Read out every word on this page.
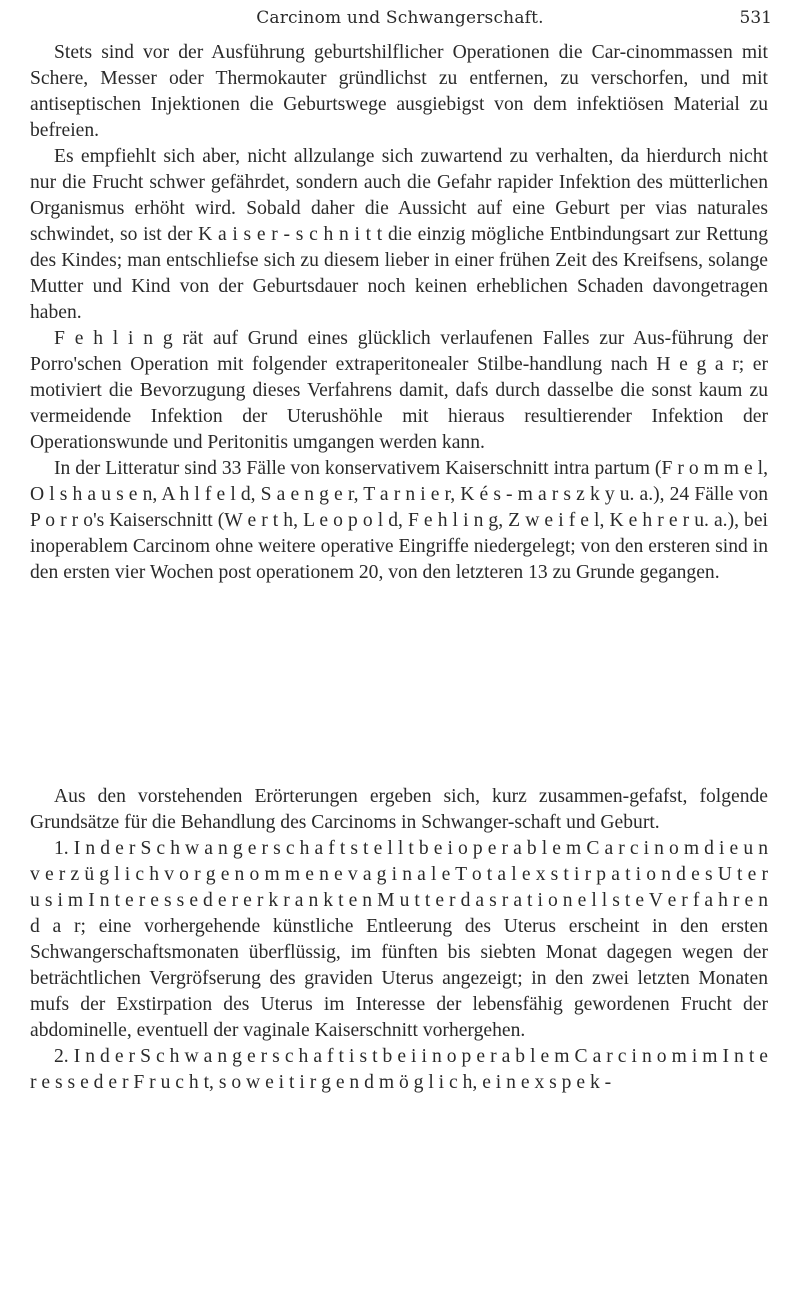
Carcinom und Schwangerschaft.	531

Stets sind vor der Ausführung geburtshilflicher Operationen die Car-cinommassen mit Schere, Messer oder Thermokauter gründlichst zu entfernen, zu verschorfen, und mit antiseptischen Injektionen die Geburtswege ausgiebigst von dem infektiösen Material zu befreien.

Es empfiehlt sich aber, nicht allzulange sich zuwartend zu verhalten, da hierdurch nicht nur die Frucht schwer gefährdet, sondern auch die Gefahr rapider Infektion des mütterlichen Organismus erhöht wird. Sobald daher die Aussicht auf eine Geburt per vias naturales schwindet, so ist der K a i s e r - s c h n i t t die einzig mögliche Entbindungsart zur Rettung des Kindes; man entschliefse sich zu diesem lieber in einer frühen Zeit des Kreifsens, solange Mutter und Kind von der Geburtsdauer noch keinen erheblichen Schaden davongetragen haben.

F e h l i n g rät auf Grund eines glücklich verlaufenen Falles zur Aus-führung der Porro'schen Operation mit folgender extraperitonealer Stilbe-handlung nach H e g a r; er motiviert die Bevorzugung dieses Verfahrens damit, dafs durch dasselbe die sonst kaum zu vermeidende Infektion der Uterushöhle mit hieraus resultierender Infektion der Operationswunde und Peritonitis umgangen werden kann.

In der Litteratur sind 33 Fälle von konservativem Kaiserschnitt intra partum (F r o m m e l, O l s h a u s e n, A h l f e l d, S a e n g e r, T a r n i e r, K é s - m a r s z k y u. a.), 24 Fälle von P o r r o's Kaiserschnitt (W e r t h, L e o p o l d, F e h l i n g, Z w e i f e l, K e h r e r u. a.), bei inoperablem Carcinom ohne weitere operative Eingriffe niedergelegt; von den ersteren sind in den ersten vier Wochen post operationem 20, von den letzteren 13 zu Grunde gegangen.

Aus den vorstehenden Erörterungen ergeben sich, kurz zusammen-gefafst, folgende Grundsätze für die Behandlung des Carcinoms in Schwanger-schaft und Geburt.

1. I n d e r S c h w a n g e r s c h a f t s t e l l t b e i o p e r a b l e m C a r c i n o m d i e u n v e r z ü g l i c h v o r g e n o m m e n e v a g i n a l e T o t a l e x s t i r p a t i o n d e s U t e r u s i m I n t e r e s s e d e r e r k r a n k t e n M u t t e r d a s r a t i o n e l l s t e V e r f a h r e n d a r; eine vorhergehende künstliche Entleerung des Uterus erscheint in den ersten Schwangerschaftsmonaten überflüssig, im fünften bis siebten Monat dagegen wegen der beträchtlichen Vergröfserung des graviden Uterus angezeigt; in den zwei letzten Monaten mufs der Exstirpation des Uterus im Interesse der lebensfähig gewordenen Frucht der abdominelle, eventuell der vaginale Kaiserschnitt vorhergehen.

2. I n d e r S c h w a n g e r s c h a f t i s t b e i i n o p e r a b l e m C a r c i n o m i m I n t e r e s s e d e r F r u c h t, s o w e i t i r g e n d m ö g l i c h, e i n e x s p e k -
